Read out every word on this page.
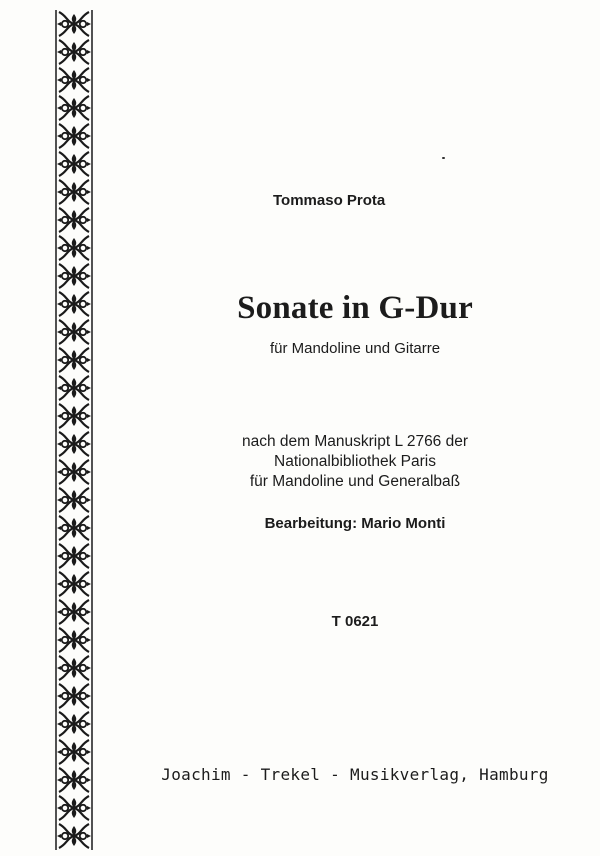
Tommaso Prota
Sonate in G-Dur
für Mandoline und Gitarre
nach dem Manuskript L 2766 der
Nationalbibliothek Paris
für Mandoline und Generalbaß
Bearbeitung: Mario Monti
T 0621
Joachim - Trekel - Musikverlag, Hamburg
